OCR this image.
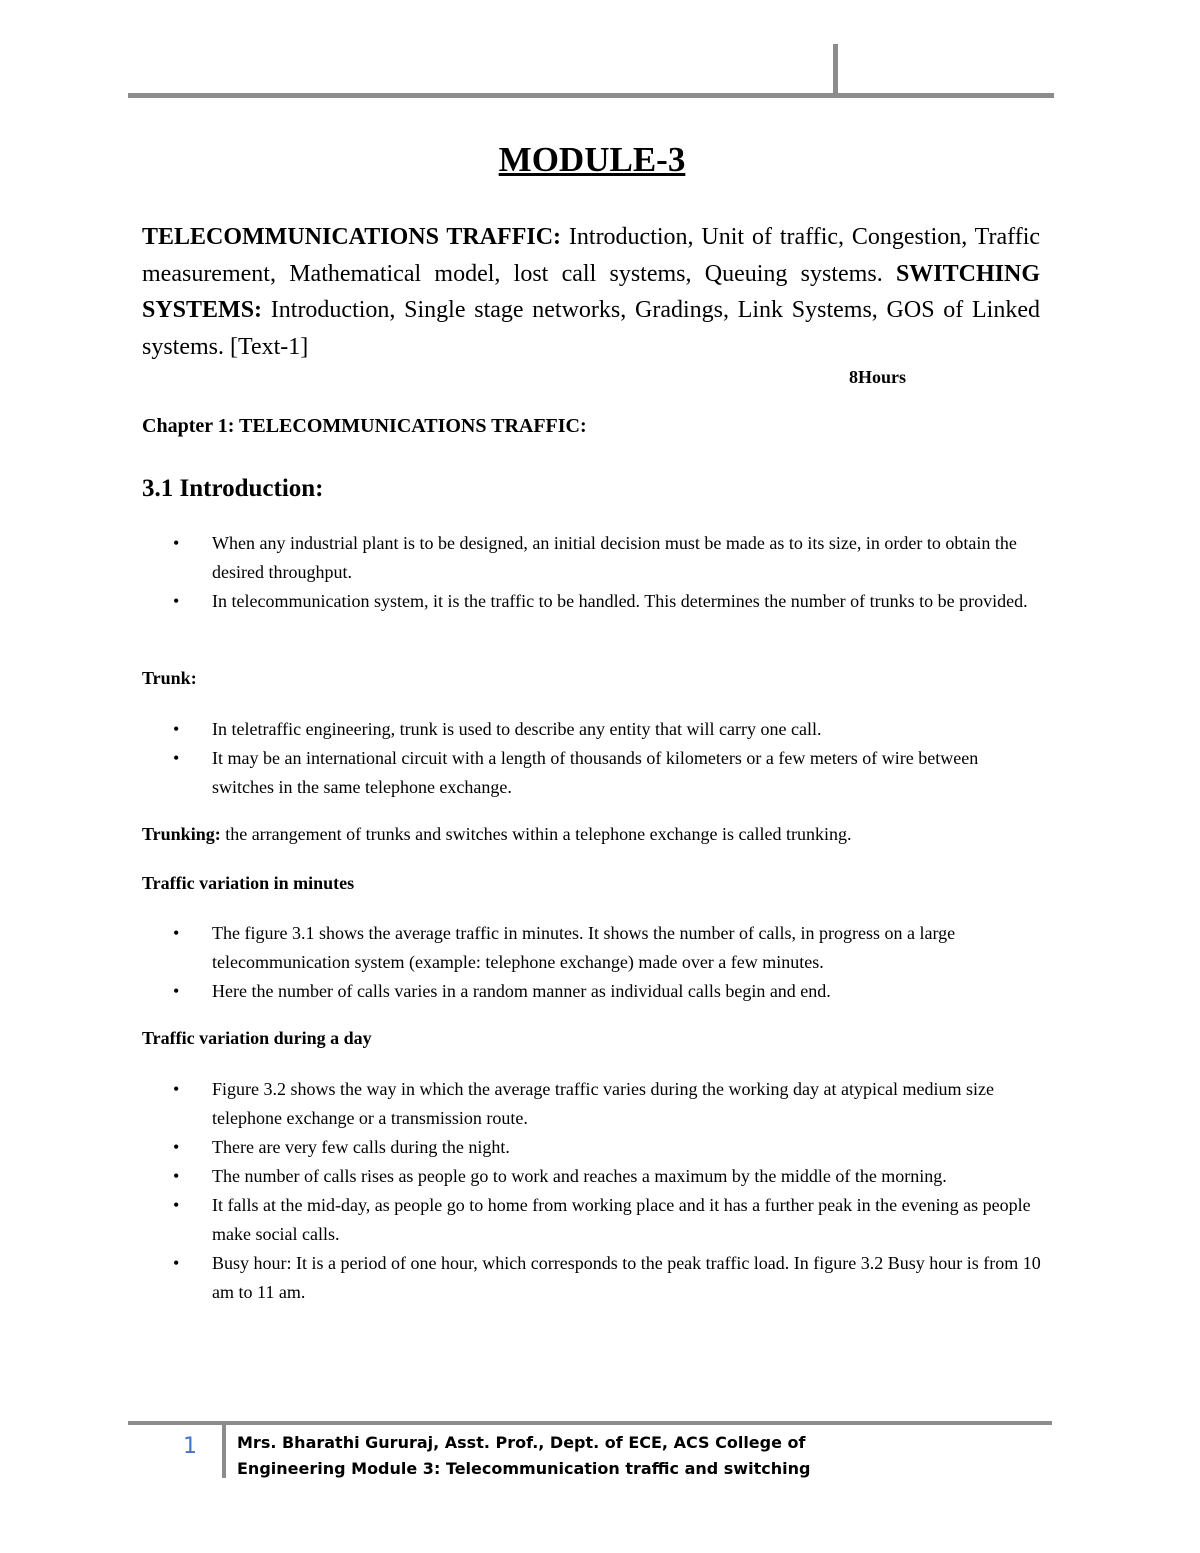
MODULE-3

TELECOMMUNICATIONS TRAFFIC: Introduction, Unit of traffic, Congestion, Traffic measurement, Mathematical model, lost call systems, Queuing systems. SWITCHING SYSTEMS: Introduction, Single stage networks, Gradings, Link Systems, GOS of Linked systems. [Text-1]

8Hours
Chapter 1: TELECOMMUNICATIONS TRAFFIC:
3.1 Introduction:
• When any industrial plant is to be designed, an initial decision must be made as to its size, in order to obtain the desired throughput.
• In telecommunication system, it is the traffic to be handled. This determines the number of trunks to be provided.
Trunk:
• In teletraffic engineering, trunk is used to describe any entity that will carry one call.
• It may be an international circuit with a length of thousands of kilometers or a few meters of wire between switches in the same telephone exchange.
Trunking: the arrangement of trunks and switches within a telephone exchange is called trunking.
Traffic variation in minutes
• The figure 3.1 shows the average traffic in minutes. It shows the number of calls, in progress on a large telecommunication system (example: telephone exchange) made over a few minutes.
• Here the number of calls varies in a random manner as individual calls begin and end.
Traffic variation during a day
• Figure 3.2 shows the way in which the average traffic varies during the working day at atypical medium size telephone exchange or a transmission route.
• There are very few calls during the night.
• The number of calls rises as people go to work and reaches a maximum by the middle of the morning.
• It falls at the mid-day, as people go to home from working place and it has a further peak in the evening as people make social calls.
• Busy hour: It is a period of one hour, which corresponds to the peak traffic load. In figure 3.2 Busy hour is from 10 am to 11 am.
1	Mrs. Bharathi Gururaj, Asst. Prof., Dept. of ECE, ACS College of
Engineering Module 3: Telecommunication traffic and switching
